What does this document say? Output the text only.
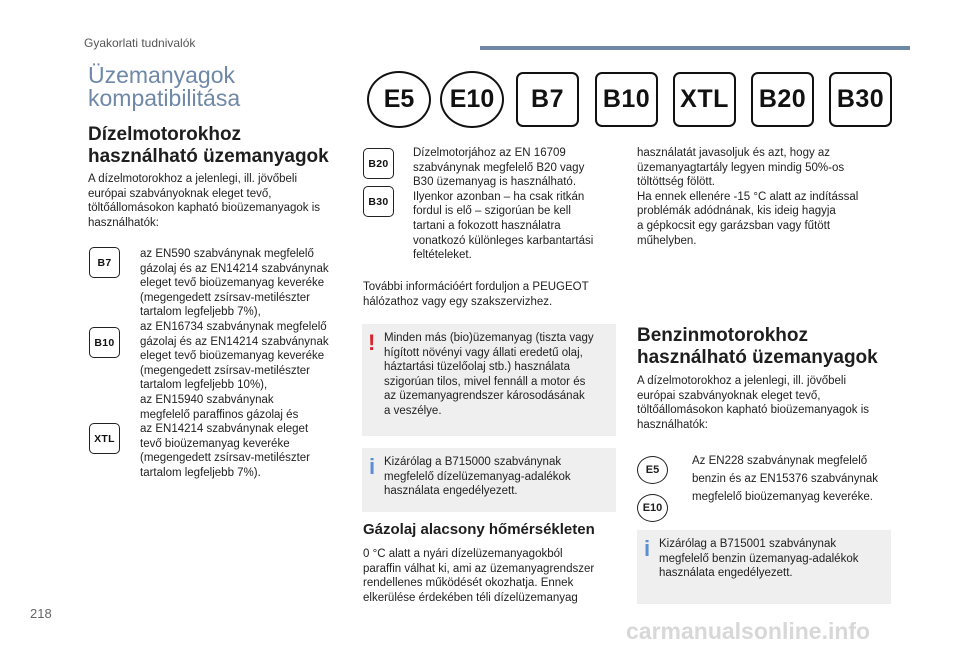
Gyakorlati tudnivalók
Üzemanyagok
kompatibilitása	E5	E10	B7	B10	XTL	B20	B30
Dízelmotorokhoz
használható üzemanyagok
A dízelmotorokhoz a jelenlegi, ill. jövőbeli
európai szabványoknak eleget tevő,
töltőállomásokon kapható bioüzemanyagok is
használhatók:
B7
az EN590 szabványnak megfelelő
gázolaj és az EN14214 szabványnak
eleget tevő bioüzemanyag keveréke
(megengedett zsírsav-metilészter
tartalom legfeljebb 7%),
B10
az EN16734 szabványnak megfelelő
gázolaj és az EN14214 szabványnak
eleget tevő bioüzemanyag keveréke
(megengedett zsírsav-metilészter
tartalom legfeljebb 10%),
XTL
az EN15940 szabványnak
megfelelő paraffinos gázolaj és
az EN14214 szabványnak eleget
tevő bioüzemanyag keveréke
(megengedett zsírsav-metilészter
tartalom legfeljebb 7%).
B20
B30
Dízelmotorjához az EN 16709
szabványnak megfelelő B20 vagy
B30 üzemanyag is használható.
Ilyenkor azonban – ha csak ritkán
fordul is elő – szigorúan be kell
tartani a fokozott használatra
vonatkozó különleges karbantartási
feltételeket.
További információért forduljon a PEUGEOT
hálózathoz vagy egy szakszervizhez.
! Minden más (bio)üzemanyag (tiszta vagy
hígított növényi vagy állati eredetű olaj,
háztartási tüzelőolaj stb.) használata
szigorúan tilos, mivel fennáll a motor és
az üzemanyagrendszer károsodásának
a veszélye.
i Kizárólag a B715000 szabványnak
megfelelő dízelüzemanyag-adalékok
használata engedélyezett.
Gázolaj alacsony hőmérsékleten
0 °C alatt a nyári dízelüzemanyagokból
paraffin válhat ki, ami az üzemanyagrendszer
rendellenes működését okozhatja. Ennek
elkerülése érdekében téli dízelüzemanyag
használatát javasoljuk és azt, hogy az
üzemanyagtartály legyen mindig 50%-os
töltöttség fölött.
Ha ennek ellenére -15 °C alatt az indítással
problémák adódnának, kis ideig hagyja
a gépkocsit egy garázsban vagy fűtött
műhelyben.
Benzinmotorokhoz
használható üzemanyagok
A dízelmotorokhoz a jelenlegi, ill. jövőbeli
európai szabványoknak eleget tevő,
töltőállomásokon kapható bioüzemanyagok is
használhatók:
E5
E10
Az EN228 szabványnak megfelelő
benzin és az EN15376 szabványnak
megfelelő bioüzemanyag keveréke.
i Kizárólag a B715001 szabványnak
megfelelő benzin üzemanyag-adalékok
használata engedélyezett.
218
carmanualsonline.info
